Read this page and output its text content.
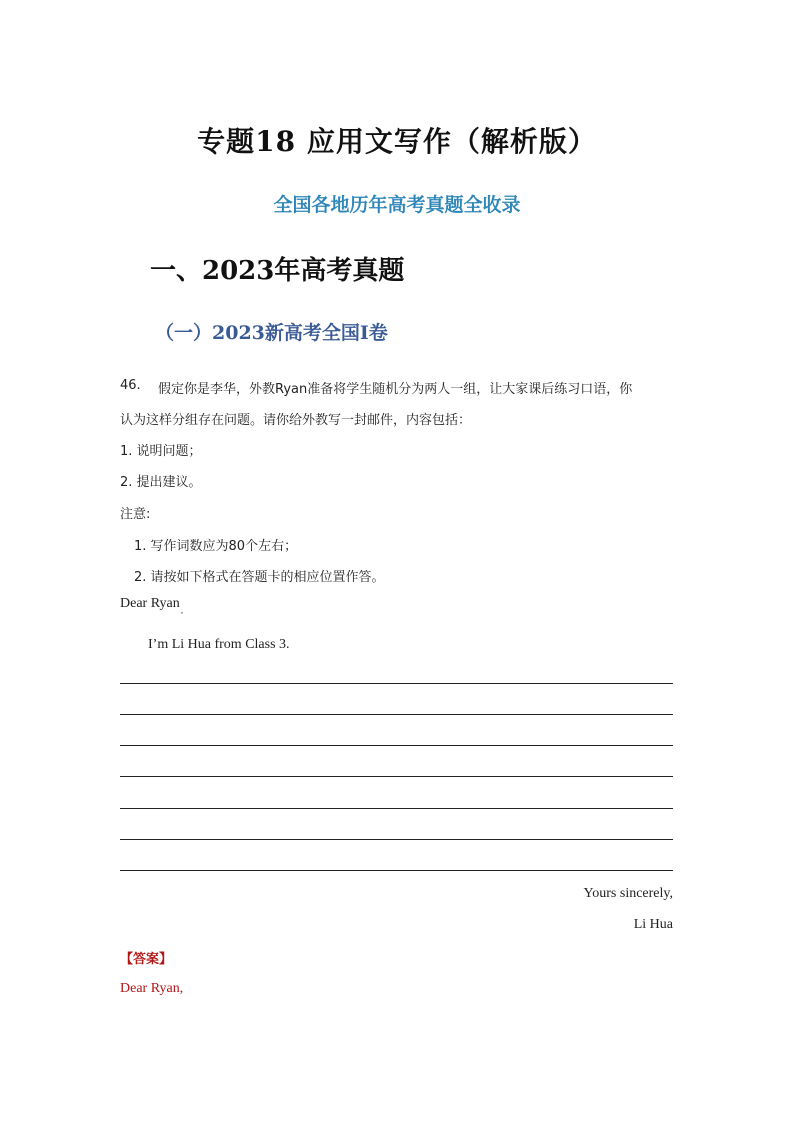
专题18 应用文写作（解析版）
全国各地历年高考真题全收录
一、2023年高考真题
（一）2023新高考全国Ⅰ卷
46. 假定你是李华，外教Ryan准备将学生随机分为两人一组，让大家课后练习口语，你
认为这样分组存在问题。请你给外教写一封邮件，内容包括：
1. 说明问题；
2. 提出建议。
注意:
1. 写作词数应为80个左右；
2. 请按如下格式在答题卡的相应位置作答。
Dear Ryan ,
I’m Li Hua from Class 3.
Yours sincerely,
Li Hua
【答案】
Dear Ryan,
